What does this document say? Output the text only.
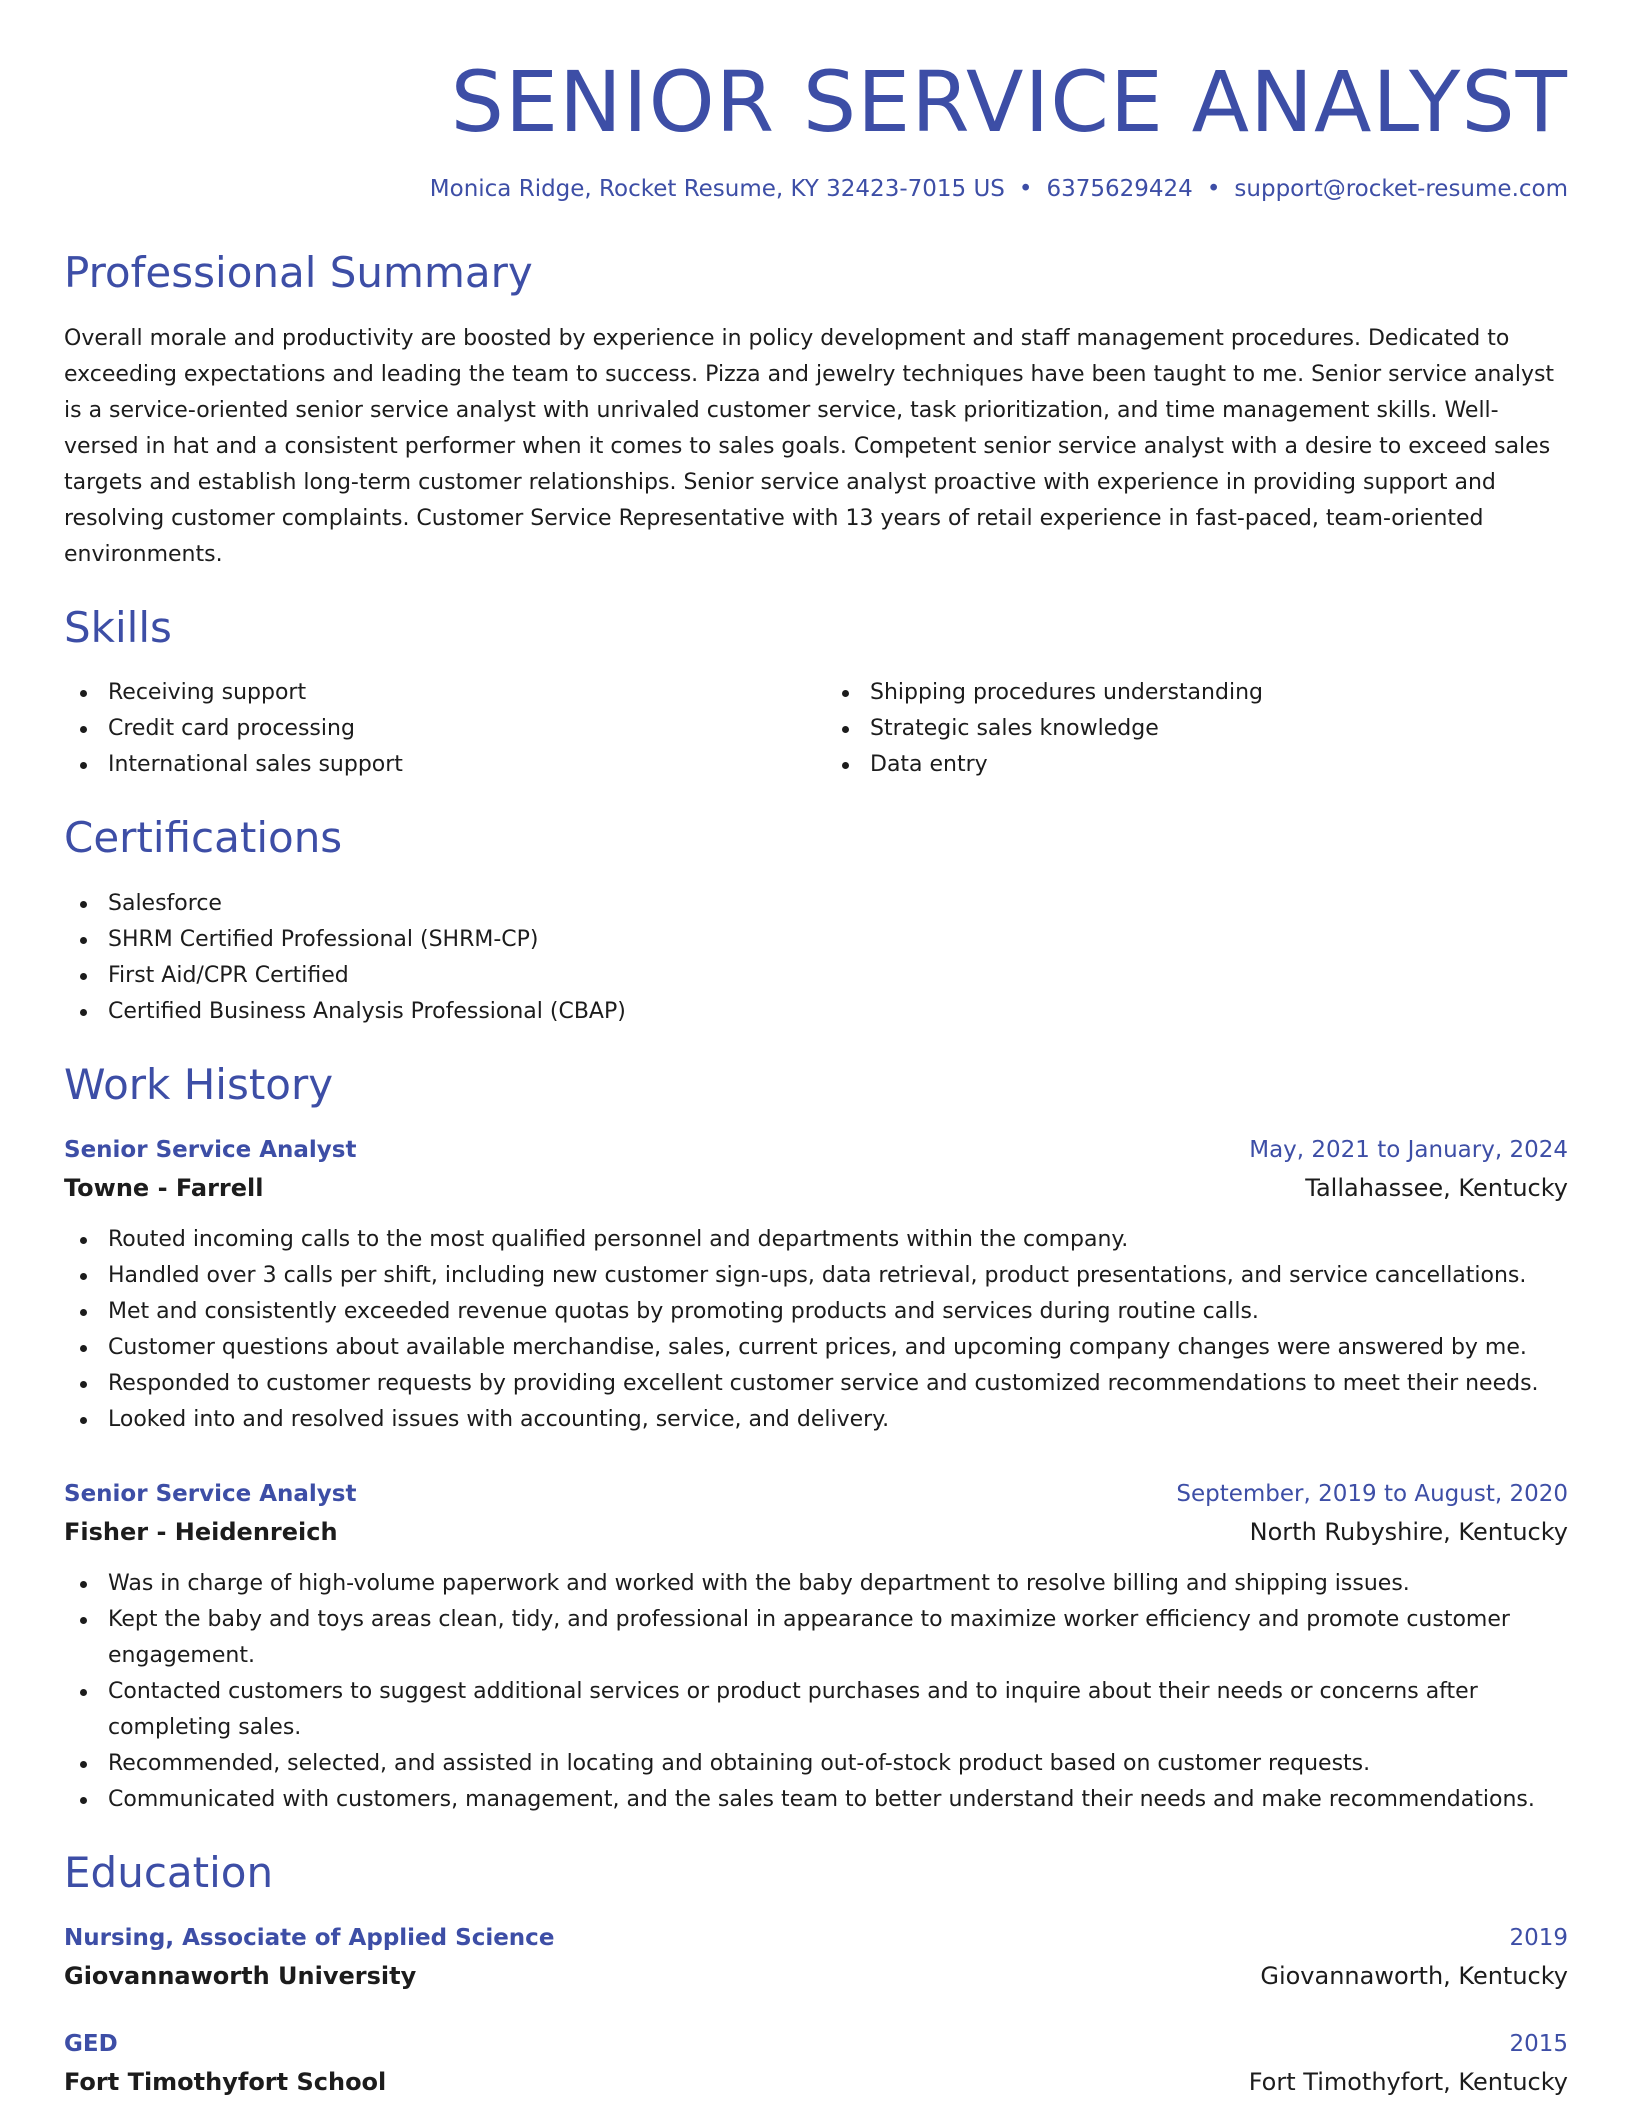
SENIOR SERVICE ANALYST
Monica Ridge, Rocket Resume, KY 32423-7015 US • 6375629424 • support@rocket-resume.com
Professional Summary

Overall morale and productivity are boosted by experience in policy development and staff management procedures. Dedicated to exceeding expectations and leading the team to success. Pizza and jewelry techniques have been taught to me. Senior service analyst is a service-oriented senior service analyst with unrivaled customer service, task prioritization, and time management skills. Well-versed in hat and a consistent performer when it comes to sales goals. Competent senior service analyst with a desire to exceed sales targets and establish long-term customer relationships. Senior service analyst proactive with experience in providing support and resolving customer complaints. Customer Service Representative with 13 years of retail experience in fast-paced, team-oriented environments.

Skills
Receiving support
Credit card processing
International sales support
Shipping procedures understanding
Strategic sales knowledge
Data entry
Certifications
Salesforce
SHRM Certified Professional (SHRM-CP)
First Aid/CPR Certified
Certified Business Analysis Professional (CBAP)
Work History
Senior Service Analyst	May, 2021 to January, 2024
Towne - Farrell	Tallahassee, Kentucky
Routed incoming calls to the most qualified personnel and departments within the company.
Handled over 3 calls per shift, including new customer sign-ups, data retrieval, product presentations, and service cancellations.
Met and consistently exceeded revenue quotas by promoting products and services during routine calls.
Customer questions about available merchandise, sales, current prices, and upcoming company changes were answered by me.
Responded to customer requests by providing excellent customer service and customized recommendations to meet their needs.
Looked into and resolved issues with accounting, service, and delivery.
Senior Service Analyst	September, 2019 to August, 2020
Fisher - Heidenreich	North Rubyshire, Kentucky
Was in charge of high-volume paperwork and worked with the baby department to resolve billing and shipping issues.
Kept the baby and toys areas clean, tidy, and professional in appearance to maximize worker efficiency and promote customer engagement.
Contacted customers to suggest additional services or product purchases and to inquire about their needs or concerns after completing sales.
Recommended, selected, and assisted in locating and obtaining out-of-stock product based on customer requests.
Communicated with customers, management, and the sales team to better understand their needs and make recommendations.
Education
Nursing, Associate of Applied Science	2019
Giovannaworth University	Giovannaworth, Kentucky
GED	2015
Fort Timothyfort School	Fort Timothyfort, Kentucky
